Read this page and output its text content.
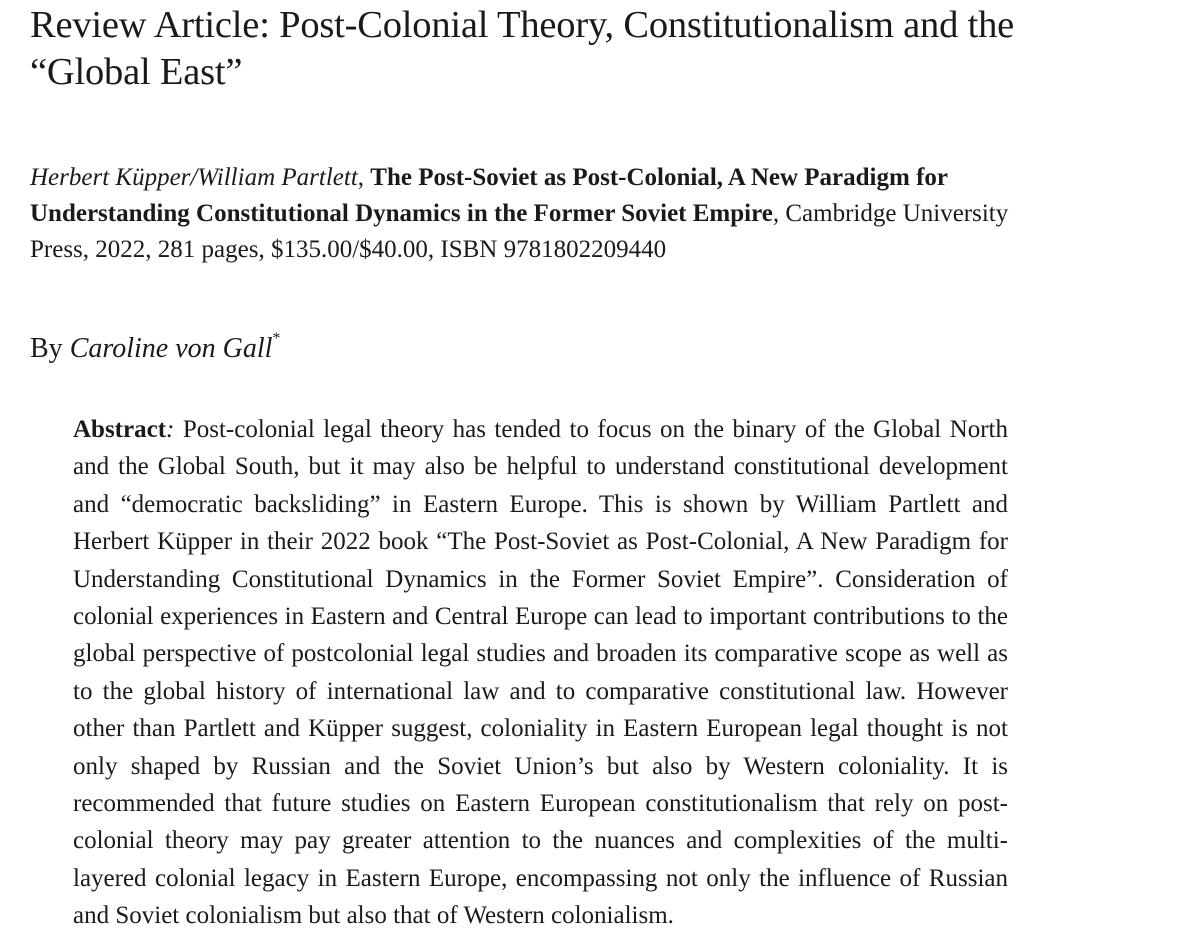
Review Article: Post-Colonial Theory, Constitutionalism and the “Global East”

Herbert Küpper/William Partlett, The Post-Soviet as Post-Colonial, A New Paradigm for Understanding Constitutional Dynamics in the Former Soviet Empire, Cambridge University Press, 2022, 281 pages, $135.00/$40.00, ISBN 9781802209440

By Caroline von Gall*

Abstract: Post-colonial legal theory has tended to focus on the binary of the Global North and the Global South, but it may also be helpful to understand constitutional development and “democratic backsliding” in Eastern Europe. This is shown by William Partlett and Herbert Küpper in their 2022 book “The Post-Soviet as Post-Colonial, A New Paradigm for Understanding Constitutional Dynamics in the Former Soviet Empire”. Consideration of colonial experiences in Eastern and Central Europe can lead to important contributions to the global perspective of postcolonial legal studies and broaden its comparative scope as well as to the global history of international law and to comparative constitutional law. However other than Partlett and Küpper suggest, coloniality in Eastern European legal thought is not only shaped by Russian and the Soviet Union’s but also by Western coloniality. It is recommended that future studies on Eastern European constitutionalism that rely on post-colonial theory may pay greater attention to the nuances and complexities of the multi-layered colonial legacy in Eastern Europe, encompassing not only the influence of Russian and Soviet colonialism but also that of Western colonialism.
